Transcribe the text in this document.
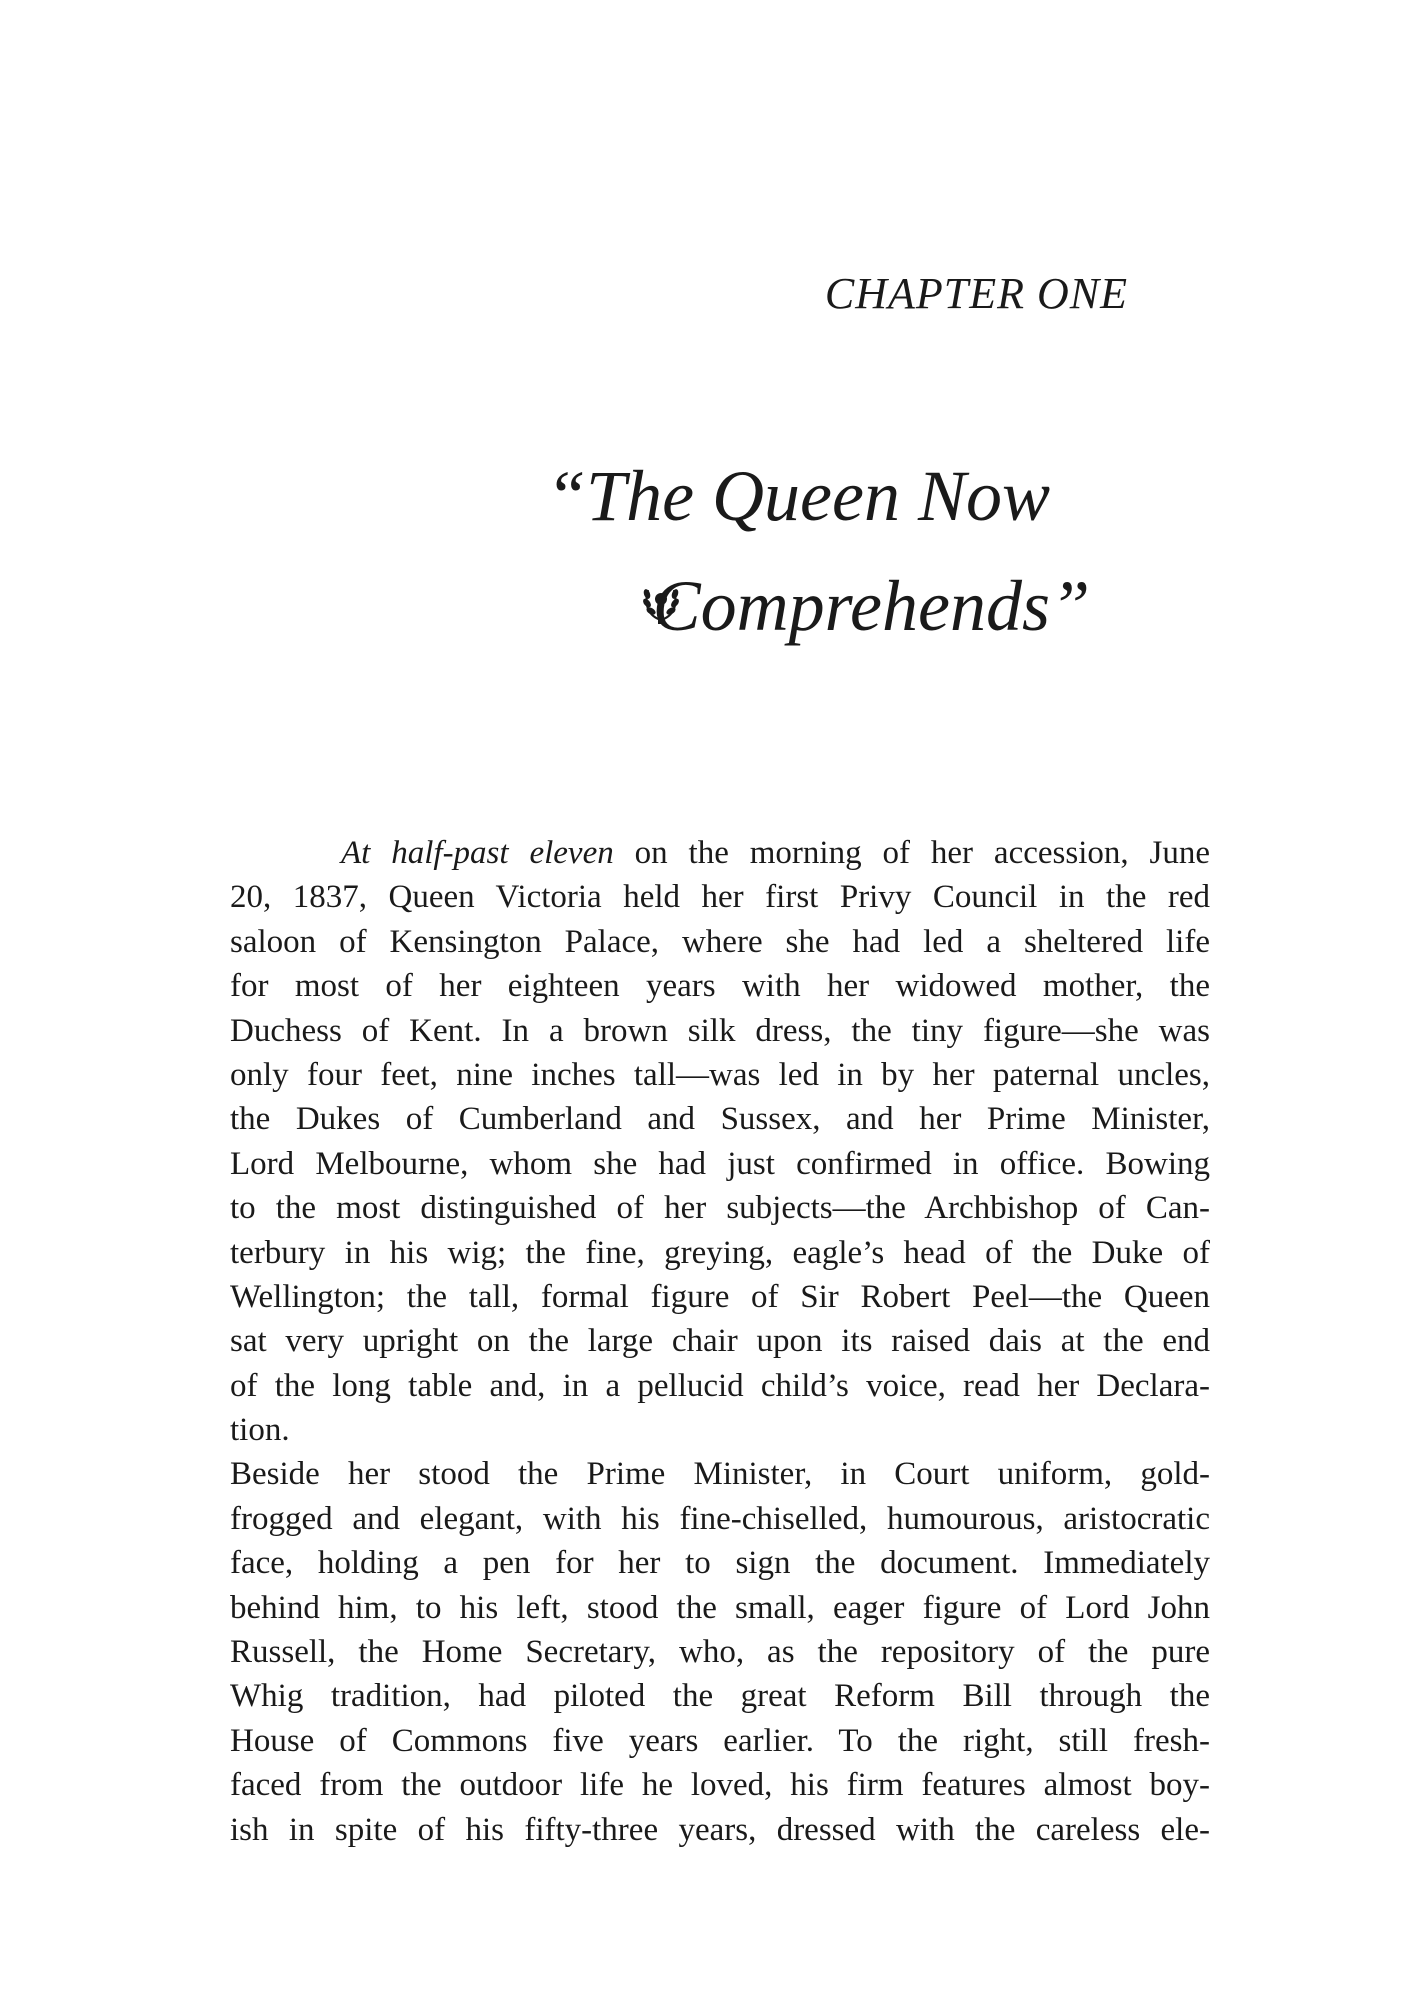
CHAPTER ONE
“The Queen Now
Comprehends”
At half-past eleven on the morning of her accession, June
20, 1837, Queen Victoria held her first Privy Council in the red
saloon of Kensington Palace, where she had led a sheltered life
for most of her eighteen years with her widowed mother, the
Duchess of Kent. In a brown silk dress, the tiny figure—she was
only four feet, nine inches tall—was led in by her paternal uncles,
the Dukes of Cumberland and Sussex, and her Prime Minister,
Lord Melbourne, whom she had just confirmed in office. Bowing
to the most distinguished of her subjects—the Archbishop of Can-
terbury in his wig; the fine, greying, eagle’s head of the Duke of
Wellington; the tall, formal figure of Sir Robert Peel—the Queen
sat very upright on the large chair upon its raised dais at the end
of the long table and, in a pellucid child’s voice, read her Declara-
tion.
Beside her stood the Prime Minister, in Court uniform, gold-
frogged and elegant, with his fine-chiselled, humourous, aristocratic
face, holding a pen for her to sign the document. Immediately
behind him, to his left, stood the small, eager figure of Lord John
Russell, the Home Secretary, who, as the repository of the pure
Whig tradition, had piloted the great Reform Bill through the
House of Commons five years earlier. To the right, still fresh-
faced from the outdoor life he loved, his firm features almost boy-
ish in spite of his fifty-three years, dressed with the careless ele-
